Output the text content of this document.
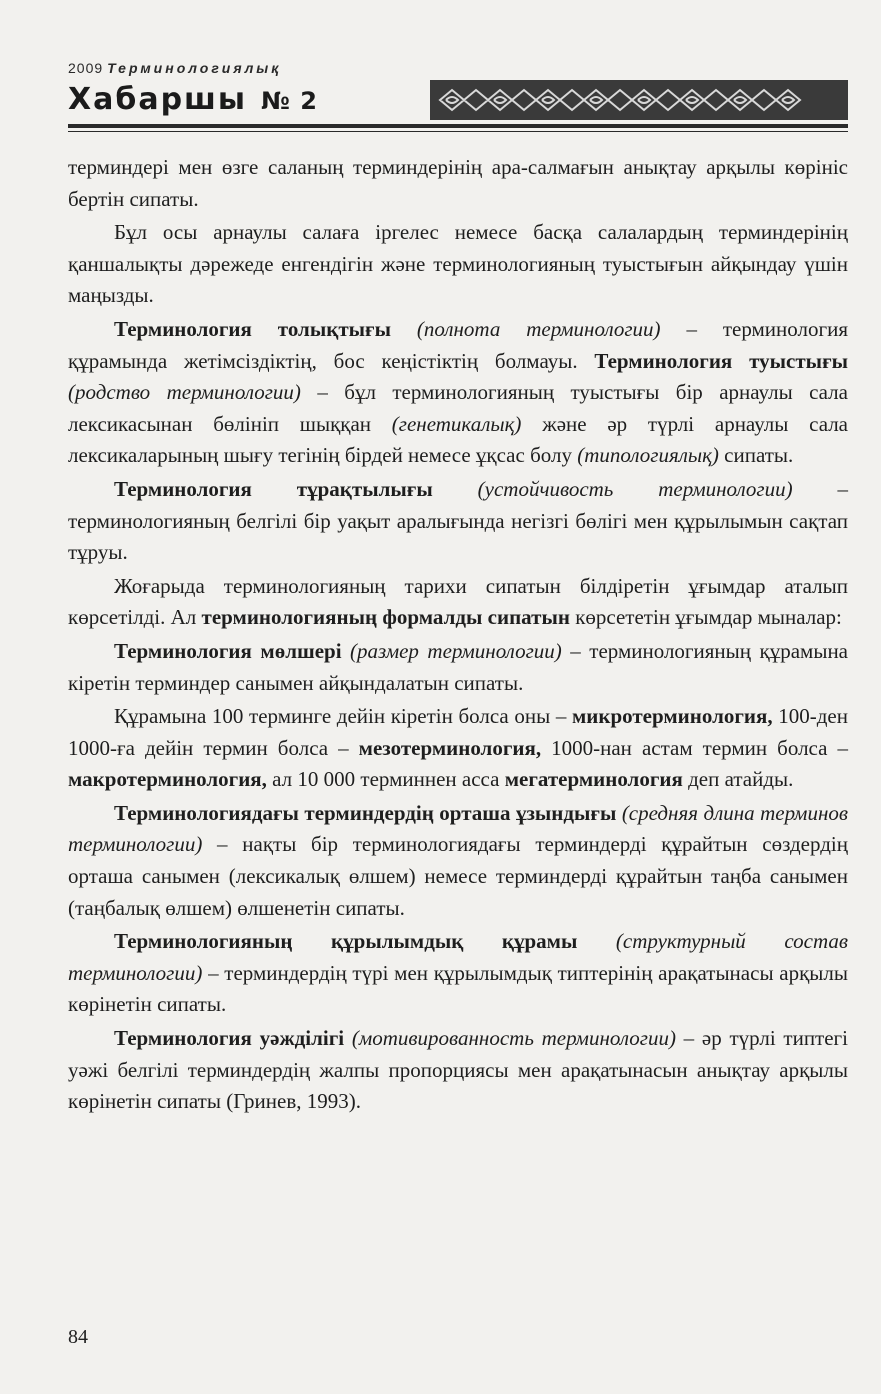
2009 Терминологиялық
Хабаршы № 2

терминдері мен өзге саланың терминдерінің ара-салмағын анықтау арқылы көрініс бертін сипаты.

Бұл осы арнаулы салаға іргелес немесе басқа салалардың терминдерінің қаншалықты дәрежеде енгендігін және терминологияның туыстығын айқындау үшін маңызды.

Терминология толықтығы (полнота терминологии) – терминология құрамында жетімсіздіктің, бос кеңістіктің болмауы. Терминология туыстығы (родство терминологии) – бұл терминологияның туыстығы бір арнаулы сала лексикасынан бөлініп шыққан (генетикалық) және әр түрлі арнаулы сала лексикаларының шығу тегінің бірдей немесе ұқсас болу (типологиялық) сипаты.

Терминология тұрақтылығы (устойчивость терминологии) – терминологияның белгілі бір уақыт аралығында негізгі бөлігі мен құрылымын сақтап тұруы.

Жоғарыда терминологияның тарихи сипатын білдіретін ұғымдар аталып көрсетілді. Ал терминологияның формалды сипатын көрсететін ұғымдар мыналар:

Терминология мөлшері (размер терминологии) – терминологияның құрамына кіретін терминдер санымен айқындалатын сипаты.

Құрамына 100 терминге дейін кіретін болса оны – микротерминология, 100-ден 1000-ға дейін термин болса – мезотерминология, 1000-нан астам термин болса – макротерминология, ал 10 000 терминнен асса мегатерминология деп атайды.

Терминологиядағы терминдердің орташа ұзындығы (средняя длина терминов терминологии) – нақты бір терминологиядағы терминдерді құрайтын сөздердің орташа санымен (лексикалық өлшем) немесе терминдерді құрайтын таңба санымен (таңбалық өлшем) өлшенетін сипаты.

Терминологияның құрылымдық құрамы (структурный состав терминологии) – терминдердің түрі мен құрылымдық типтерінің арақатынасы арқылы көрінетін сипаты.

Терминология уәжділігі (мотивированность терминологии) – әр түрлі типтегі уәжі белгілі терминдердің жалпы пропорциясы мен арақатынасын анықтау арқылы көрінетін сипаты (Гринев, 1993).

84
